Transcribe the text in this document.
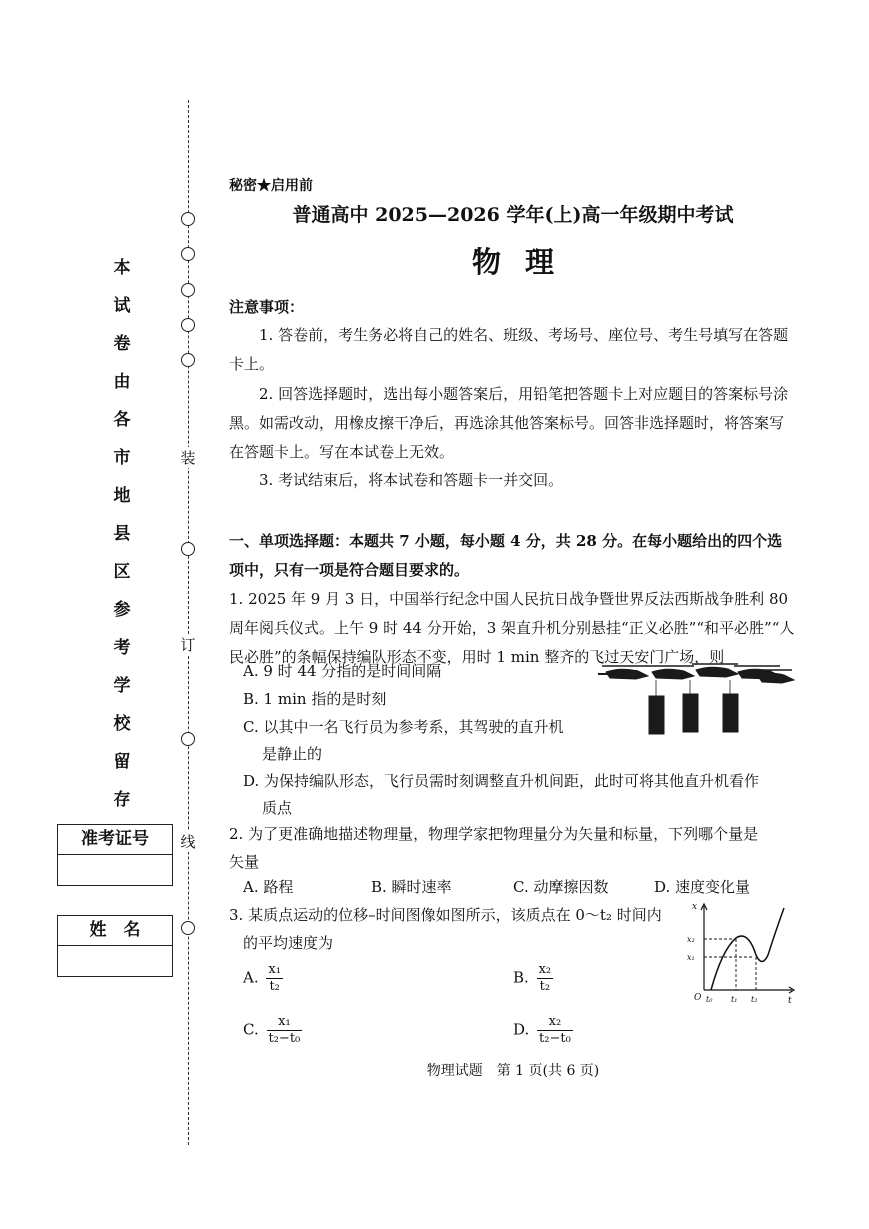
装
订
线
本
试
卷
由
各
市
地
县
区
参
考
学
校
留
存
准考证号
姓　名
秘密★启用前
普通高中 2025—2026 学年(上)高一年级期中考试
物理
注意事项：
1. 答卷前，考生务必将自己的姓名、班级、考场号、座位号、考生号填写在答题卡上。
2. 回答选择题时，选出每小题答案后，用铅笔把答题卡上对应题目的答案标号涂黑。如需改动，用橡皮擦干净后，再选涂其他答案标号。回答非选择题时，将答案写在答题卡上。写在本试卷上无效。
3. 考试结束后，将本试卷和答题卡一并交回。
一、单项选择题：本题共 7 小题，每小题 4 分，共 28 分。在每小题给出的四个选项中，只有一项是符合题目要求的。
1. 2025 年 9 月 3 日，中国举行纪念中国人民抗日战争暨世界反法西斯战争胜利 80 周年阅兵仪式。上午 9 时 44 分开始，3 架直升机分别悬挂“正义必胜”“和平必胜”“人民必胜”的条幅保持编队形态不变，用时 1 min 整齐的飞过天安门广场，则
A. 9 时 44 分指的是时间间隔
B. 1 min 指的是时刻
C. 以其中一名飞行员为参考系，其驾驶的直升机
是静止的
D. 为保持编队形态，飞行员需时刻调整直升机间距，此时可将其他直升机看作
质点
2. 为了更准确地描述物理量，物理学家把物理量分为矢量和标量，下列哪个量是
矢量
A. 路程	B. 瞬时速率	C. 动摩擦因数	D. 速度变化量
3. 某质点运动的位移–时间图像如图所示，该质点在 0～t₂ 时间内
的平均速度为
A. $\frac{\text{x₁}}{\text{t₂}}$	B. $\frac{\text{x₂}}{\text{t₂}}$
C. $\frac{\text{x₁}}{\text{t₂−t₀}}$	D. $\frac{\text{x₂}}{\text{t₂−t₀}}$
O	t
x
t₀ t₁ t₂
x₂
x₁
物理试题　第 1 页(共 6 页)
